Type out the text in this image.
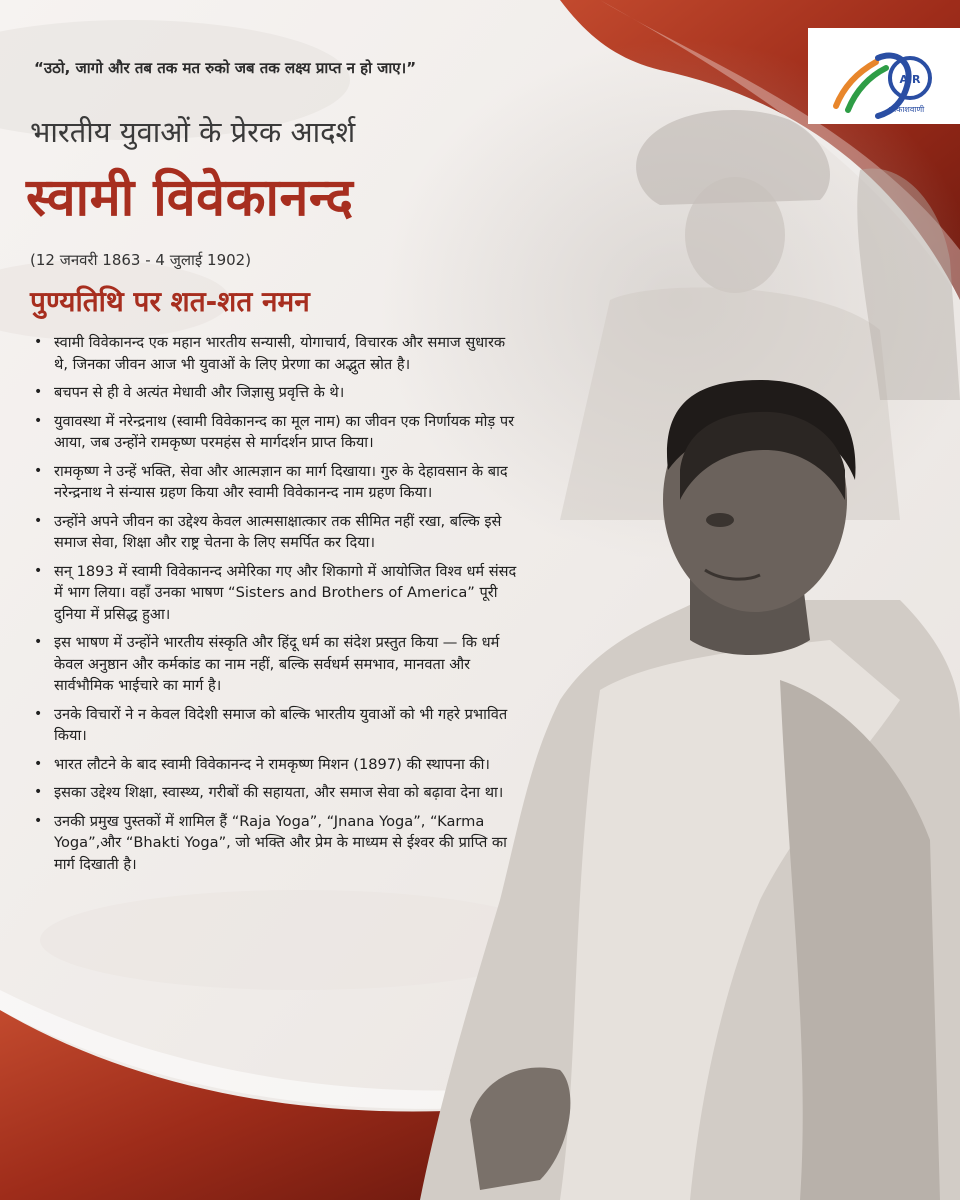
AIR
आकाशवाणी
“उठो, जागो और तब तक मत रुको जब तक लक्ष्य प्राप्त न हो जाए।”
भारतीय युवाओं के प्रेरक आदर्श
स्वामी विवेकानन्द
(12 जनवरी 1863 - 4 जुलाई 1902)
पुण्यतिथि पर शत-शत नमन
• स्वामी विवेकानन्द एक महान भारतीय सन्यासी, योगाचार्य, विचारक और समाज सुधारक थे, जिनका जीवन आज भी युवाओं के लिए प्रेरणा का अद्भुत स्रोत है।
• बचपन से ही वे अत्यंत मेधावी और जिज्ञासु प्रवृत्ति के थे।
• युवावस्था में नरेन्द्रनाथ (स्वामी विवेकानन्द का मूल नाम) का जीवन एक निर्णायक मोड़ पर आया, जब उन्होंने रामकृष्ण परमहंस से मार्गदर्शन प्राप्त किया।
• रामकृष्ण ने उन्हें भक्ति, सेवा और आत्मज्ञान का मार्ग दिखाया। गुरु के देहावसान के बाद नरेन्द्रनाथ ने संन्यास ग्रहण किया और स्वामी विवेकानन्द नाम ग्रहण किया।
• उन्होंने अपने जीवन का उद्देश्य केवल आत्मसाक्षात्कार तक सीमित नहीं रखा, बल्कि इसे समाज सेवा, शिक्षा और राष्ट्र चेतना के लिए समर्पित कर दिया।
• सन् 1893 में स्वामी विवेकानन्द अमेरिका गए और शिकागो में आयोजित विश्व धर्म संसद में भाग लिया। वहाँ उनका भाषण “Sisters and Brothers of America” पूरी दुनिया में प्रसिद्ध हुआ।
• इस भाषण में उन्होंने भारतीय संस्कृति और हिंदू धर्म का संदेश प्रस्तुत किया — कि धर्म केवल अनुष्ठान और कर्मकांड का नाम नहीं, बल्कि सर्वधर्म समभाव, मानवता और सार्वभौमिक भाईचारे का मार्ग है।
• उनके विचारों ने न केवल विदेशी समाज को बल्कि भारतीय युवाओं को भी गहरे प्रभावित किया।
• भारत लौटने के बाद स्वामी विवेकानन्द ने रामकृष्ण मिशन (1897) की स्थापना की।
• इसका उद्देश्य शिक्षा, स्वास्थ्य, गरीबों की सहायता, और समाज सेवा को बढ़ावा देना था।
• उनकी प्रमुख पुस्तकों में शामिल हैं “Raja Yoga”, “Jnana Yoga”, “Karma Yoga”,और “Bhakti Yoga”, जो भक्ति और प्रेम के माध्यम से ईश्वर की प्राप्ति का मार्ग दिखाती है।
